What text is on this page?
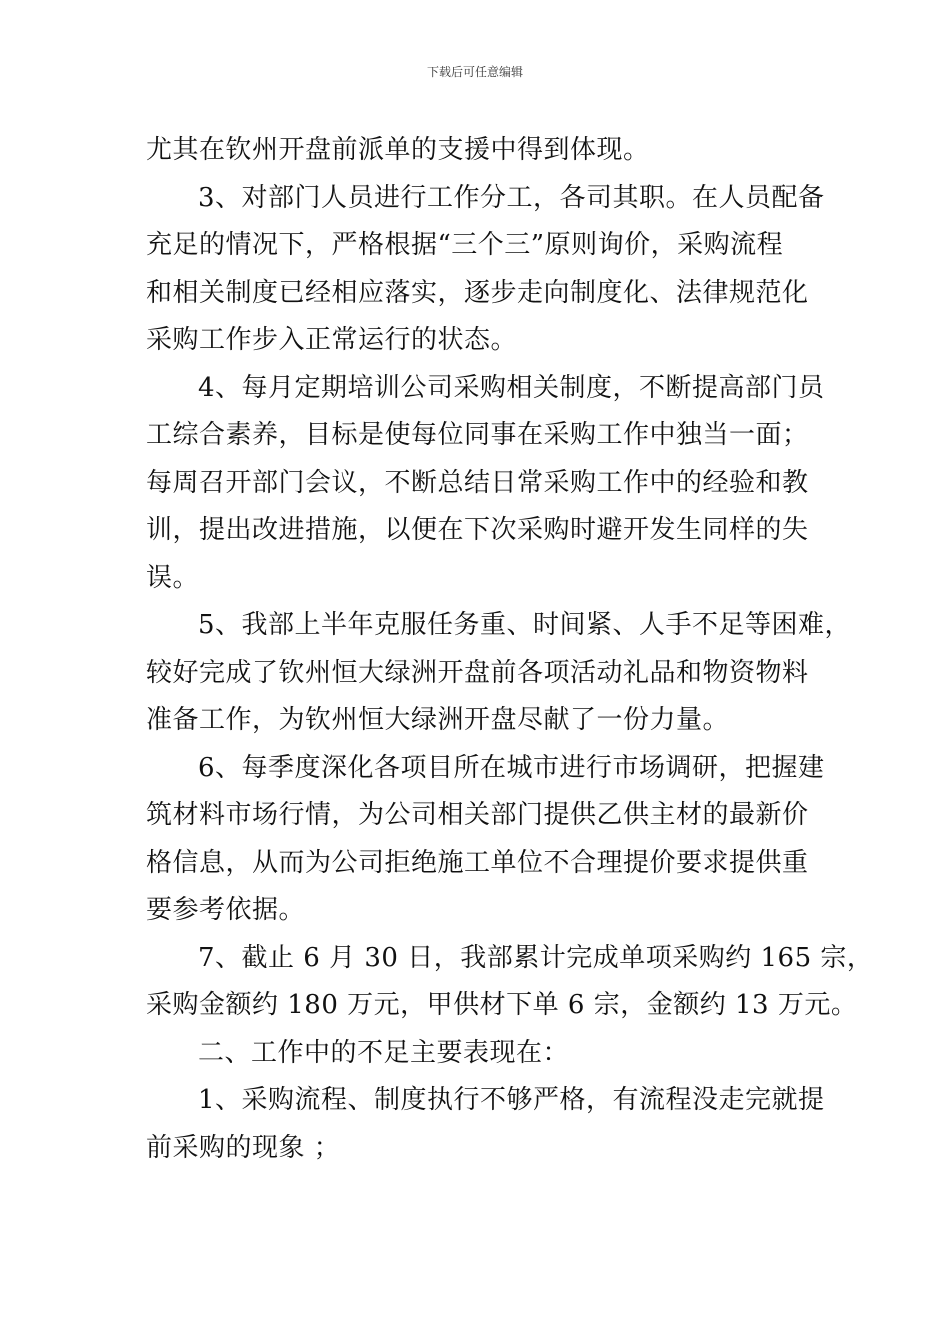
下载后可任意编辑
尤其在钦州开盘前派单的支援中得到体现。
3、对部门人员进行工作分工，各司其职。在人员配备
充足的情况下，严格根据“三个三”原则询价，采购流程
和相关制度已经相应落实，逐步走向制度化、法律规范化
采购工作步入正常运行的状态。
4、每月定期培训公司采购相关制度，不断提高部门员
工综合素养，目标是使每位同事在采购工作中独当一面；
每周召开部门会议，不断总结日常采购工作中的经验和教
训，提出改进措施，以便在下次采购时避开发生同样的失
误。
5、我部上半年克服任务重、时间紧、人手不足等困难，
较好完成了钦州恒大绿洲开盘前各项活动礼品和物资物料
准备工作，为钦州恒大绿洲开盘尽献了一份力量。
6、每季度深化各项目所在城市进行市场调研，把握建
筑材料市场行情，为公司相关部门提供乙供主材的最新价
格信息，从而为公司拒绝施工单位不合理提价要求提供重
要参考依据。
7、截止 6 月 30 日，我部累计完成单项采购约 165 宗，
采购金额约 180 万元，甲供材下单 6 宗，金额约 13 万元。
二、工作中的不足主要表现在：
1、采购流程、制度执行不够严格，有流程没走完就提
前采购的现象 ；
